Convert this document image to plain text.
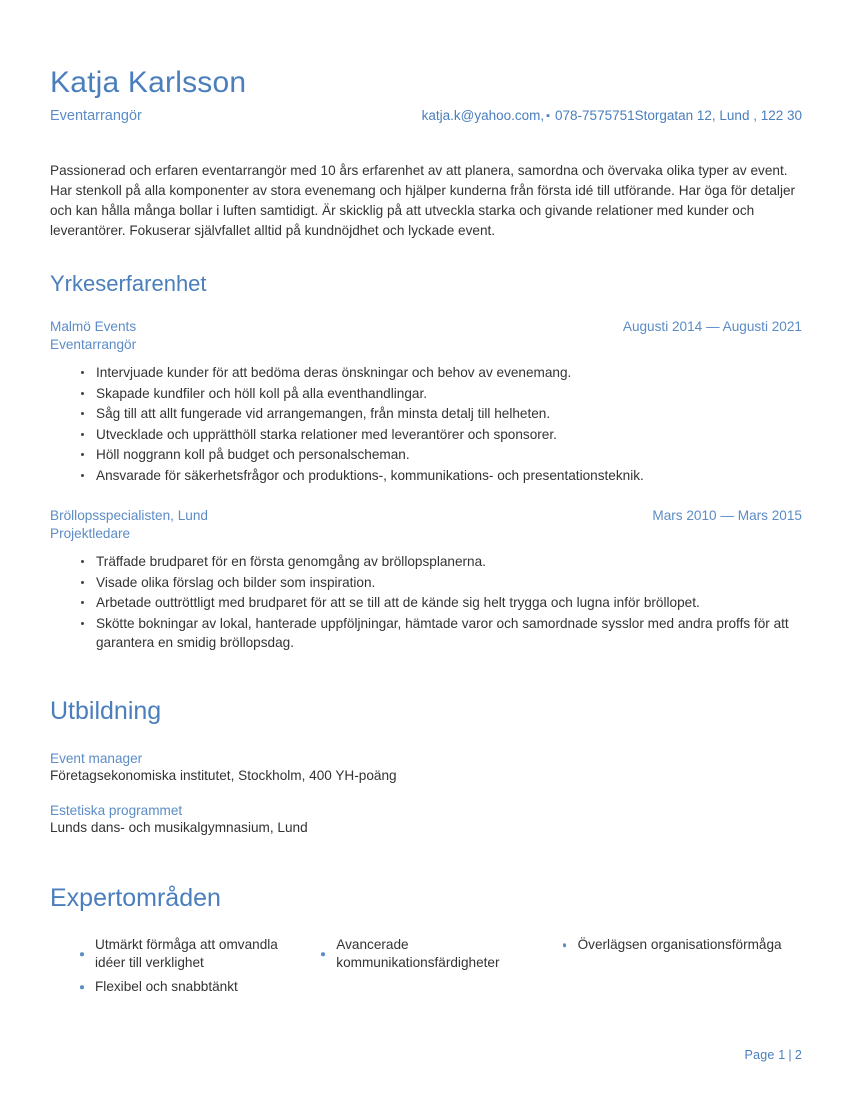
Katja Karlsson
Eventarrangör	katja.k@yahoo.com, ▪ 078-7575751Storgatan 12, Lund , 122 30

Passionerad och erfaren eventarrangör med 10 års erfarenhet av att planera, samordna och övervaka olika typer av event. Har stenkoll på alla komponenter av stora evenemang och hjälper kunderna från första idé till utförande. Har öga för detaljer och kan hålla många bollar i luften samtidigt. Är skicklig på att utveckla starka och givande relationer med kunder och leverantörer. Fokuserar självfallet alltid på kundnöjdhet och lyckade event.

Yrkeserfarenhet
Malmö Events	Augusti 2014 — Augusti 2021
Eventarrangör
Intervjuade kunder för att bedöma deras önskningar och behov av evenemang.
Skapade kundfiler och höll koll på alla eventhandlingar.
Såg till att allt fungerade vid arrangemangen, från minsta detalj till helheten.
Utvecklade och upprätthöll starka relationer med leverantörer och sponsorer.
Höll noggrann koll på budget och personalscheman.
Ansvarade för säkerhetsfrågor och produktions-, kommunikations- och presentationsteknik.
Bröllopsspecialisten, Lund	Mars 2010 — Mars 2015
Projektledare
Träffade brudparet för en första genomgång av bröllopsplanerna.
Visade olika förslag och bilder som inspiration.
Arbetade outtröttligt med brudparet för att se till att de kände sig helt trygga och lugna inför bröllopet.
Skötte bokningar av lokal, hanterade uppföljningar, hämtade varor och samordnade sysslor med andra proffs för att garantera en smidig bröllopsdag.
Utbildning
Event manager
Företagsekonomiska institutet, Stockholm, 400 YH-poäng
Estetiska programmet
Lunds dans- och musikalgymnasium, Lund
Expertområden
Utmärkt förmåga att omvandla idéer till verklighet
Flexibel och snabbtänkt
Avancerade kommunikationsfärdigheter
Överlägsen organisationsförmåga
Page 1 | 2
